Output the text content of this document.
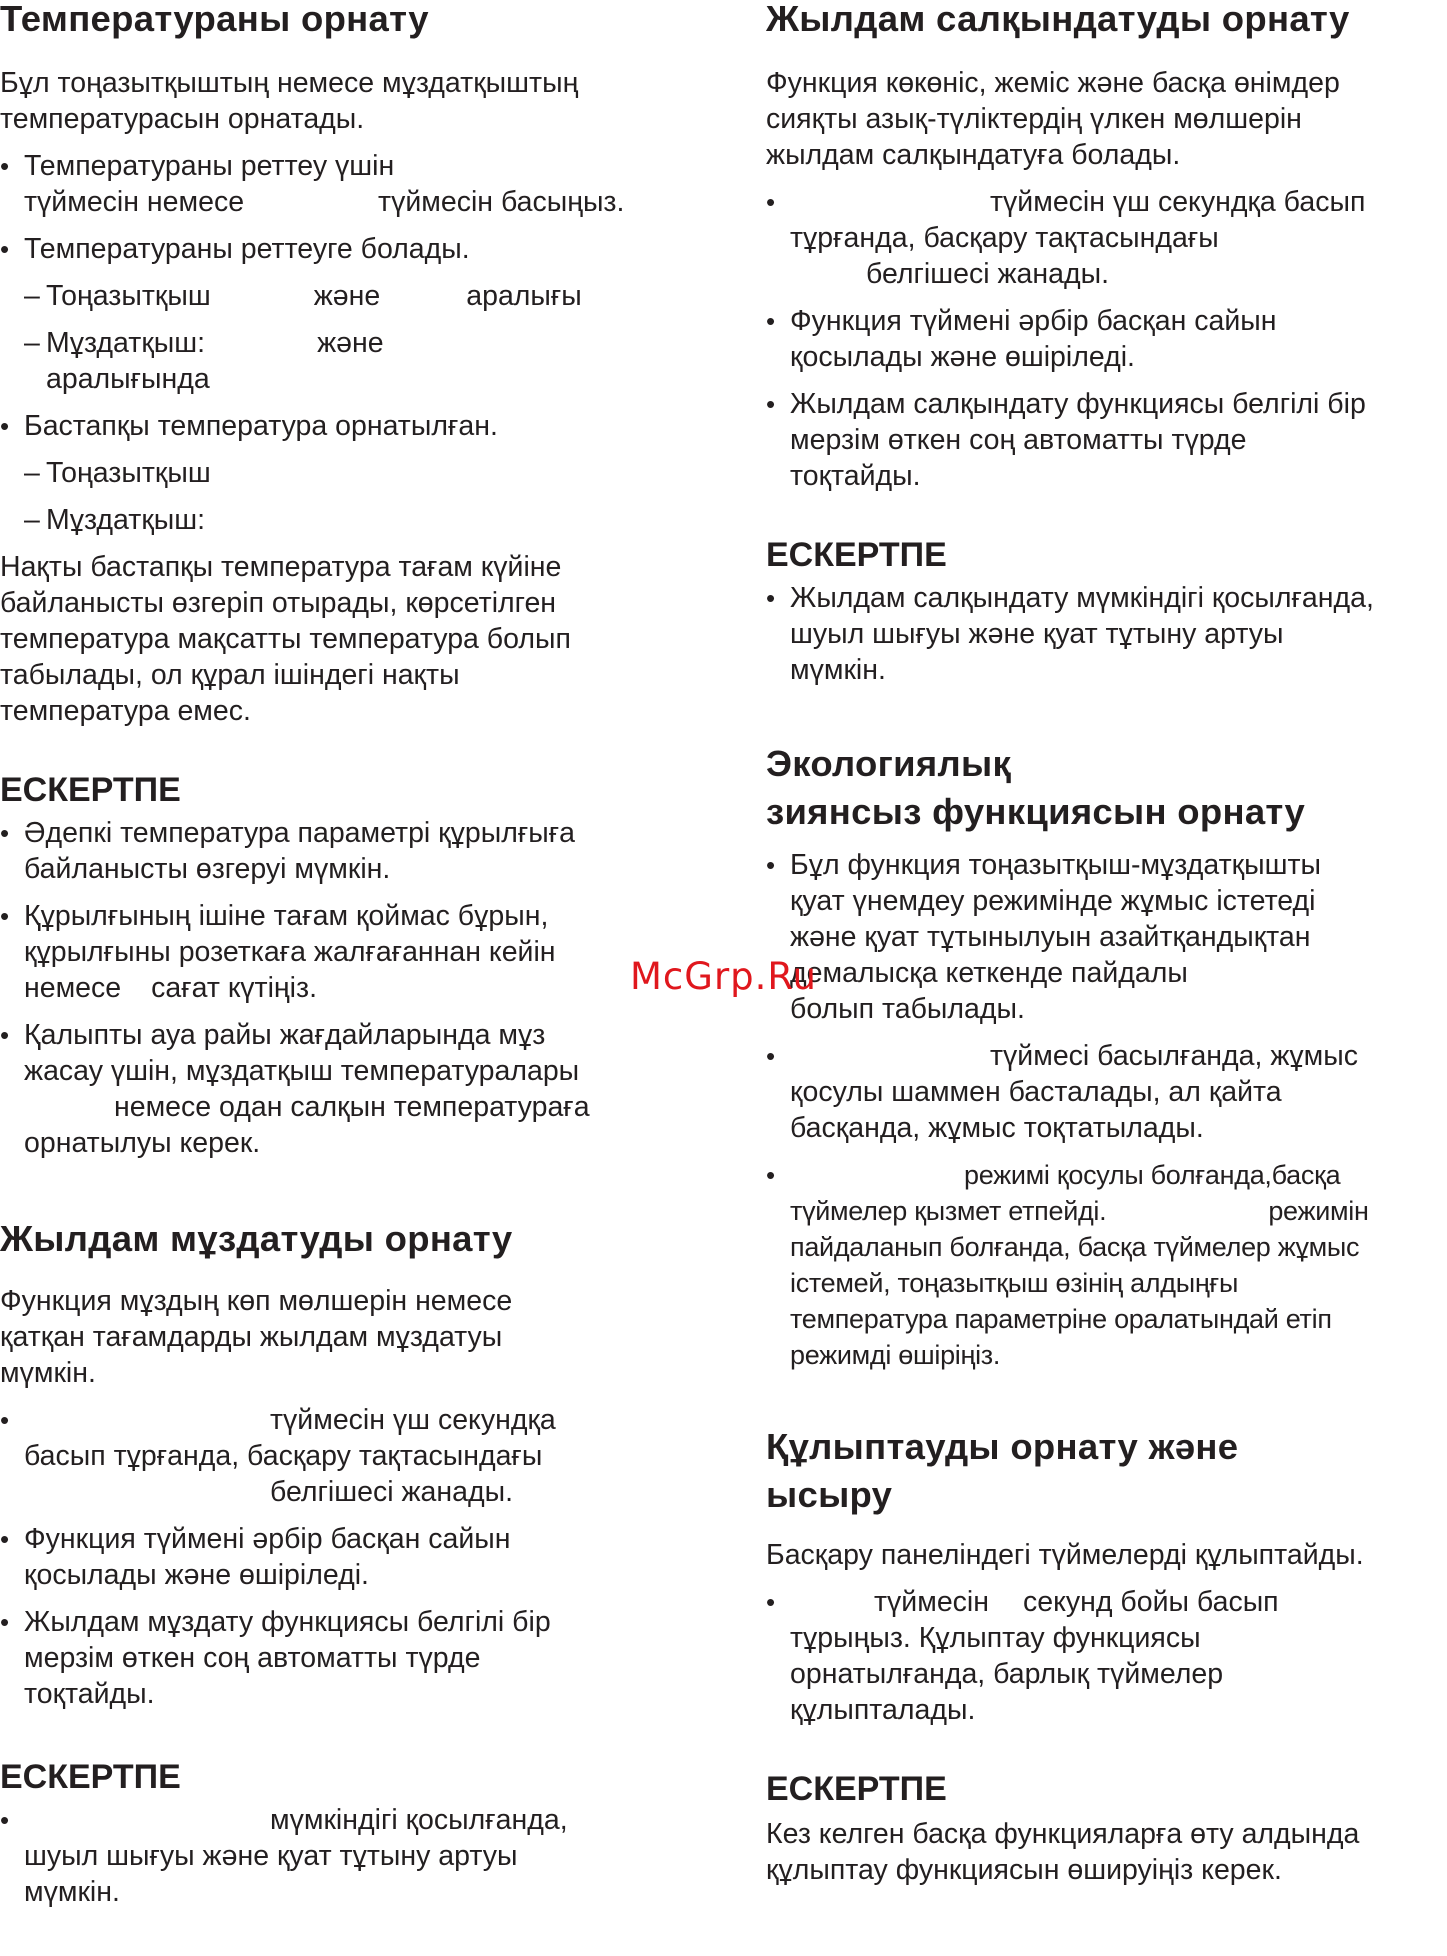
Температураны орнату

Бұл тоңазытқыштың немесе мұздатқыштың
температурасын орнатады.

• Температураны реттеу үшін
түймесін немесе	түймесін басыңыз.
• Температураны реттеуге болады.
– Тоңазытқыш	және	аралығы
– Мұздатқыш:	және
аралығында
• Бастапқы температура орнатылған.
– Тоңазытқыш
– Мұздатқыш:

Нақты бастапқы температура тағам күйіне
байланысты өзгеріп отырады, көрсетілген
температура мақсатты температура болып
табылады, ол құрал ішіндегі нақты
температура емес.

ЕСКЕРТПЕ
• Әдепкі температура параметрі құрылғыға
байланысты өзгеруі мүмкін.
• Құрылғының ішіне тағам қоймас бұрын,
құрылғыны розеткаға жалғағаннан кейін
немесе сағат күтіңіз.
• Қалыпты ауа райы жағдайларында мұз
жасау үшін, мұздатқыш температуралары
немесе одан салқын температураға
орнатылуы керек.
Жылдам мұздатуды орнату

Функция мұздың көп мөлшерін немесе
қатқан тағамдарды жылдам мұздатуы
мүмкін.

• түймесін үш секундқа
басып тұрғанда, басқару тақтасындағы
белгішесі жанады.
• Функция түймені әрбір басқан сайын
қосылады және өшіріледі.
• Жылдам мұздату функциясы белгілі бір
мерзім өткен соң автоматты түрде
тоқтайды.
ЕСКЕРТПЕ
• мүмкіндігі қосылғанда,
шуыл шығуы және қуат тұтыну артуы
мүмкін.
Жылдам салқындатуды орнату

Функция көкөніс, жеміс және басқа өнімдер
сияқты азық-түліктердің үлкен мөлшерін
жылдам салқындатуға болады.

• түймесін үш секундқа басып
тұрғанда, басқару тақтасындағы
белгішесі жанады.
• Функция түймені әрбір басқан сайын
қосылады және өшіріледі.
• Жылдам салқындату функциясы белгілі бір
мерзім өткен соң автоматты түрде
тоқтайды.
ЕСКЕРТПЕ
• Жылдам салқындату мүмкіндігі қосылғанда,
шуыл шығуы және қуат тұтыну артуы
мүмкін.
Экологиялық
зиянсыз функциясын орнату
• Бұл функция тоңазытқыш-мұздатқышты
қуат үнемдеу режимінде жұмыс істетеді
және қуат тұтынылуын азайтқандықтан
демалысқа кеткенде пайдалы
болып табылады.
• түймесі басылғанда, жұмыс
қосулы шаммен басталады, ал қайта
басқанда, жұмыс тоқтатылады.
• режимі қосулы болғанда,басқа
түймелер қызмет етпейді.	режимін
пайдаланып болғанда, басқа түймелер жұмыс
істемей, тоңазытқыш өзінің алдыңғы
температура параметріне оралатындай етіп
режимді өшіріңіз.
Құлыптауды орнату және
ысыру

Басқару панеліндегі түймелерді құлыптайды.

• түймесін секунд бойы басып
тұрыңыз. Құлыптау функциясы
орнатылғанда, барлық түймелер
құлыпталады.
ЕСКЕРТПЕ

Кез келген басқа функцияларға өту алдында
құлыптау функциясын өшируіңіз керек.

McGrp.Ru
